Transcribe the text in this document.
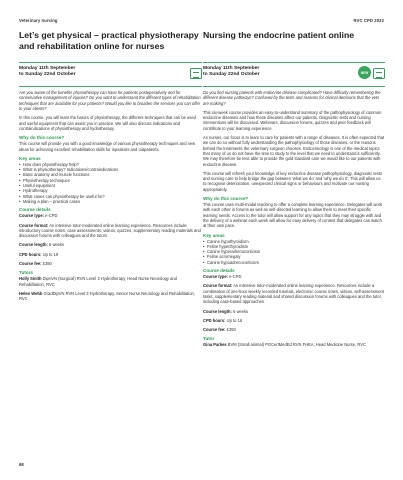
Veterinary nursing	RVC CPD 2022
Let’s get physical – practical physiotherapy and rehabilitation online for nurses
Monday 11th September
to Sunday 22nd October

Are you aware of the benefits physiotherapy can have for patients postoperatively and for conservative management of injuries? Do you want to understand the different types of rehabilitation techniques that are available for your patients? Would you like to broaden the services you can offer to your clients?

In this course, you will learn the basics of physiotherapy, the different techniques that can be used and useful equipment that can assist you in practice. We will also discuss indications and contraindications of physiotherapy and hydrotherapy.

Why do this course?

This course will provide you with a good knowledge of various physiotherapy techniques and new ideas for achieving excellent rehabilitation skills for inpatients and outpatients.

Key areas
• How does physiotherapy help?
• What is physiotherapy? Indications/contraindications
• Basic anatomy and muscle functions
• Physiotherapy techniques
• Useful equipment
• Hydrotherapy
• What cases can physiotherapy be useful for?
• Making a plan – practical cases
Course details

Course type: e-CPD

Course format: An intensive tutor-moderated online learning experience. Resources include introductory course notes, case assessments, videos, quizzes, supplementary reading materials and discussion forums with colleagues and the tutors

Course length: 6 weeks

CPD hours: Up to 19

Course fee: £350

Tutors

Holly Smith DipAVN (Surgical) RVN Level 3 Hydrotherapy, Head Nurse Neurology and Rehabilitation, RVC

Helen Webb GradDipVN RVN Level 3 Hydrotherapy, Senior Nurse Neurology and Rehabilitation, RVC

Nursing the endocrine patient online
Monday 11th September
to Sunday 22nd October	NEW

Do you find nursing patients with endocrine disease complicated? Have difficulty remembering the different disease pathways? Confused by the tests and reasons for clinical decisions that the vets are making?

This six-week course provides an easy-to-understand summary of the pathophysiology of common endocrine diseases and how these diseases affect our patients. Diagnostic tests and nursing interventions will be discussed. Webinars, discussion forums, quizzes and peer feedback will contribute to your learning experience.

As nurses, our focus is to learn to care for patients with a range of diseases. It is often expected that we can do so without fully understanding the pathophysiology of those diseases, or the reasons behind the treatments the veterinary surgeon chooses. Endocrinology is one of the medical topics that many of us do not have the time to study to the level that we need to understand it sufficiently. We may therefore be less able to provide the gold standard care we would like to our patients with endocrine disease.

This course will refresh your knowledge of key endocrine disease pathophysiology, diagnostic tests and nursing care to help bridge the gap between ‘what we do’ and ‘why we do it’. This will allow us to recognise deterioration, unexpected clinical signs or behaviours and motivate our nursing appropriately.

Why do this course?

This course uses multi-modal teaching to offer a complete learning experience. Delegates will work with each other in forums as well as self-directed learning to allow them to meet their specific learning needs. Access to the tutor will allow support for any topics that they may struggle with and the delivery of a webinar each week will allow for easy delivery of content that delegates can watch at their own pace.

Key areas
• Canine hypothyroidism
• Feline hyperthyroidism
• Canine hyperadrenocorticism
• Feline acromegaly
• Canine hypoadrenocorticism
Course details

Course type: e-CPD

Course format: An intensive tutor-moderated online learning experience. Resources include a combination of one-hour weekly recorded tutorials, electronic course notes, videos, self-assessment tasks, supplementary reading material and shared discussion forums with colleagues and the tutor, including case-based approaches

Course length: 6 weeks

CPD hours: Up to 16

Course fee: £350

Tutor

Gina Parkes BVM (Small animal) PGCertMedEd RVN FHEA, Head Medicine Nurse, RVC

68
